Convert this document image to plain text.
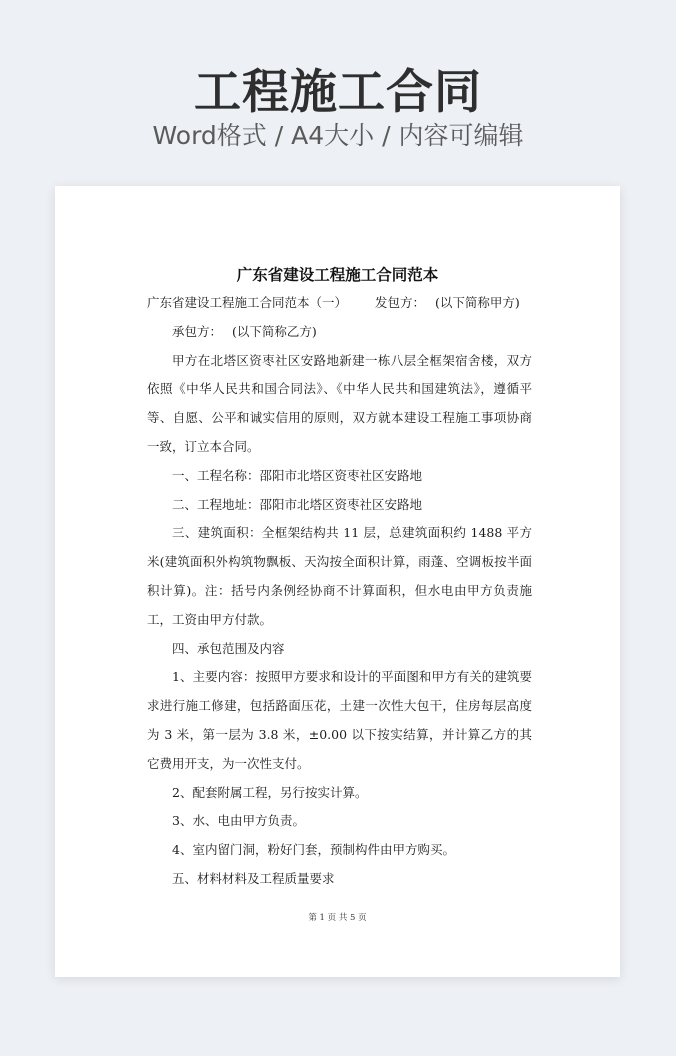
工程施工合同
Word格式 / A4大小 / 内容可编辑
广东省建设工程施工合同范本

广东省建设工程施工合同范本（一） 发包方： (以下简称甲方)

承包方： (以下简称乙方)

甲方在北塔区资枣社区安路地新建一栋八层全框架宿舍楼，双方依照《中华人民共和国合同法》、《中华人民共和国建筑法》，遵循平等、自愿、公平和诚实信用的原则，双方就本建设工程施工事项协商一致，订立本合同。

一、工程名称：邵阳市北塔区资枣社区安路地

二、工程地址：邵阳市北塔区资枣社区安路地

三、建筑面积：全框架结构共 11 层，总建筑面积约 1488 平方米(建筑面积外构筑物飘板、天沟按全面积计算，雨蓬、空调板按半面积计算)。注：括号内条例经协商不计算面积，但水电由甲方负责施工，工资由甲方付款。

四、承包范围及内容

1、主要内容：按照甲方要求和设计的平面图和甲方有关的建筑要求进行施工修建，包括路面压花，土建一次性大包干，住房每层高度为 3 米，第一层为 3.8 米，±0.00 以下按实结算，并计算乙方的其它费用开支，为一次性支付。

2、配套附属工程，另行按实计算。

3、水、电由甲方负责。

4、室内留门洞，粉好门套，预制构件由甲方购买。

五、材料材料及工程质量要求

第 1 页 共 5 页
